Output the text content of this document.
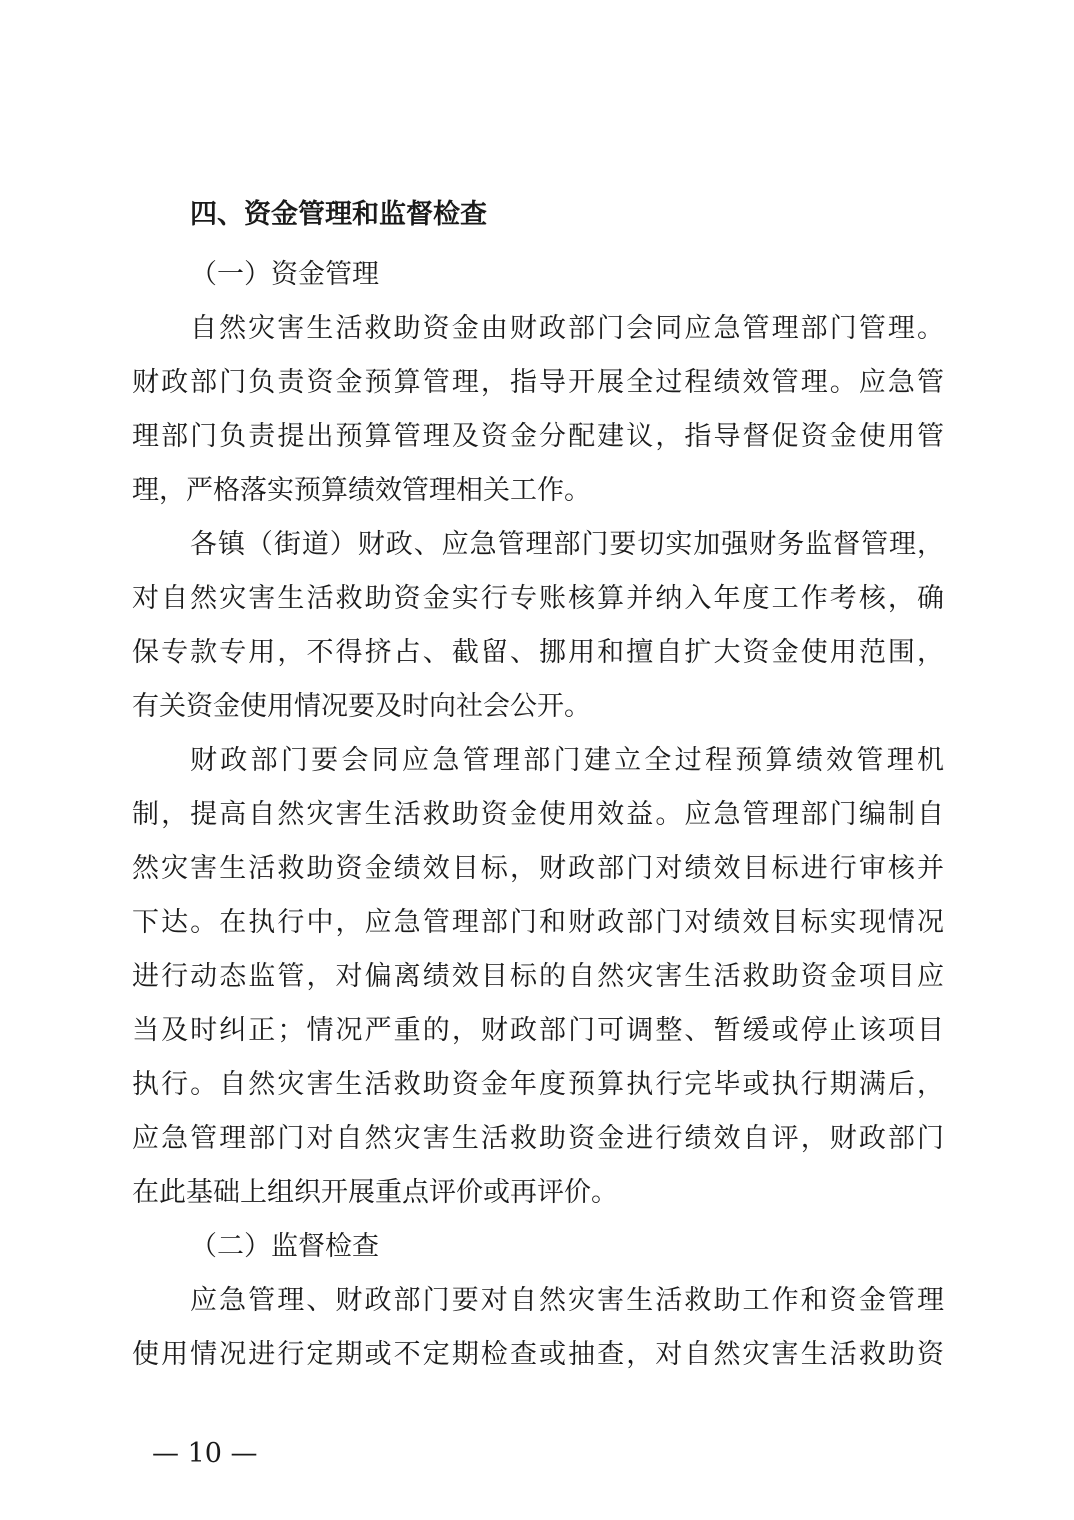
四、资金管理和监督检查
（一）资金管理
自然灾害生活救助资金由财政部门会同应急管理部门管理。
财政部门负责资金预算管理，指导开展全过程绩效管理。应急管
理部门负责提出预算管理及资金分配建议，指导督促资金使用管
理，严格落实预算绩效管理相关工作。
各镇（街道）财政、应急管理部门要切实加强财务监督管理，
对自然灾害生活救助资金实行专账核算并纳入年度工作考核，确
保专款专用，不得挤占、截留、挪用和擅自扩大资金使用范围，
有关资金使用情况要及时向社会公开。
财政部门要会同应急管理部门建立全过程预算绩效管理机
制，提高自然灾害生活救助资金使用效益。应急管理部门编制自
然灾害生活救助资金绩效目标，财政部门对绩效目标进行审核并
下达。在执行中，应急管理部门和财政部门对绩效目标实现情况
进行动态监管，对偏离绩效目标的自然灾害生活救助资金项目应
当及时纠正；情况严重的，财政部门可调整、暂缓或停止该项目
执行。自然灾害生活救助资金年度预算执行完毕或执行期满后，
应急管理部门对自然灾害生活救助资金进行绩效自评，财政部门
在此基础上组织开展重点评价或再评价。
（二）监督检查
应急管理、财政部门要对自然灾害生活救助工作和资金管理
使用情况进行定期或不定期检查或抽查，对自然灾害生活救助资
— 10 —
